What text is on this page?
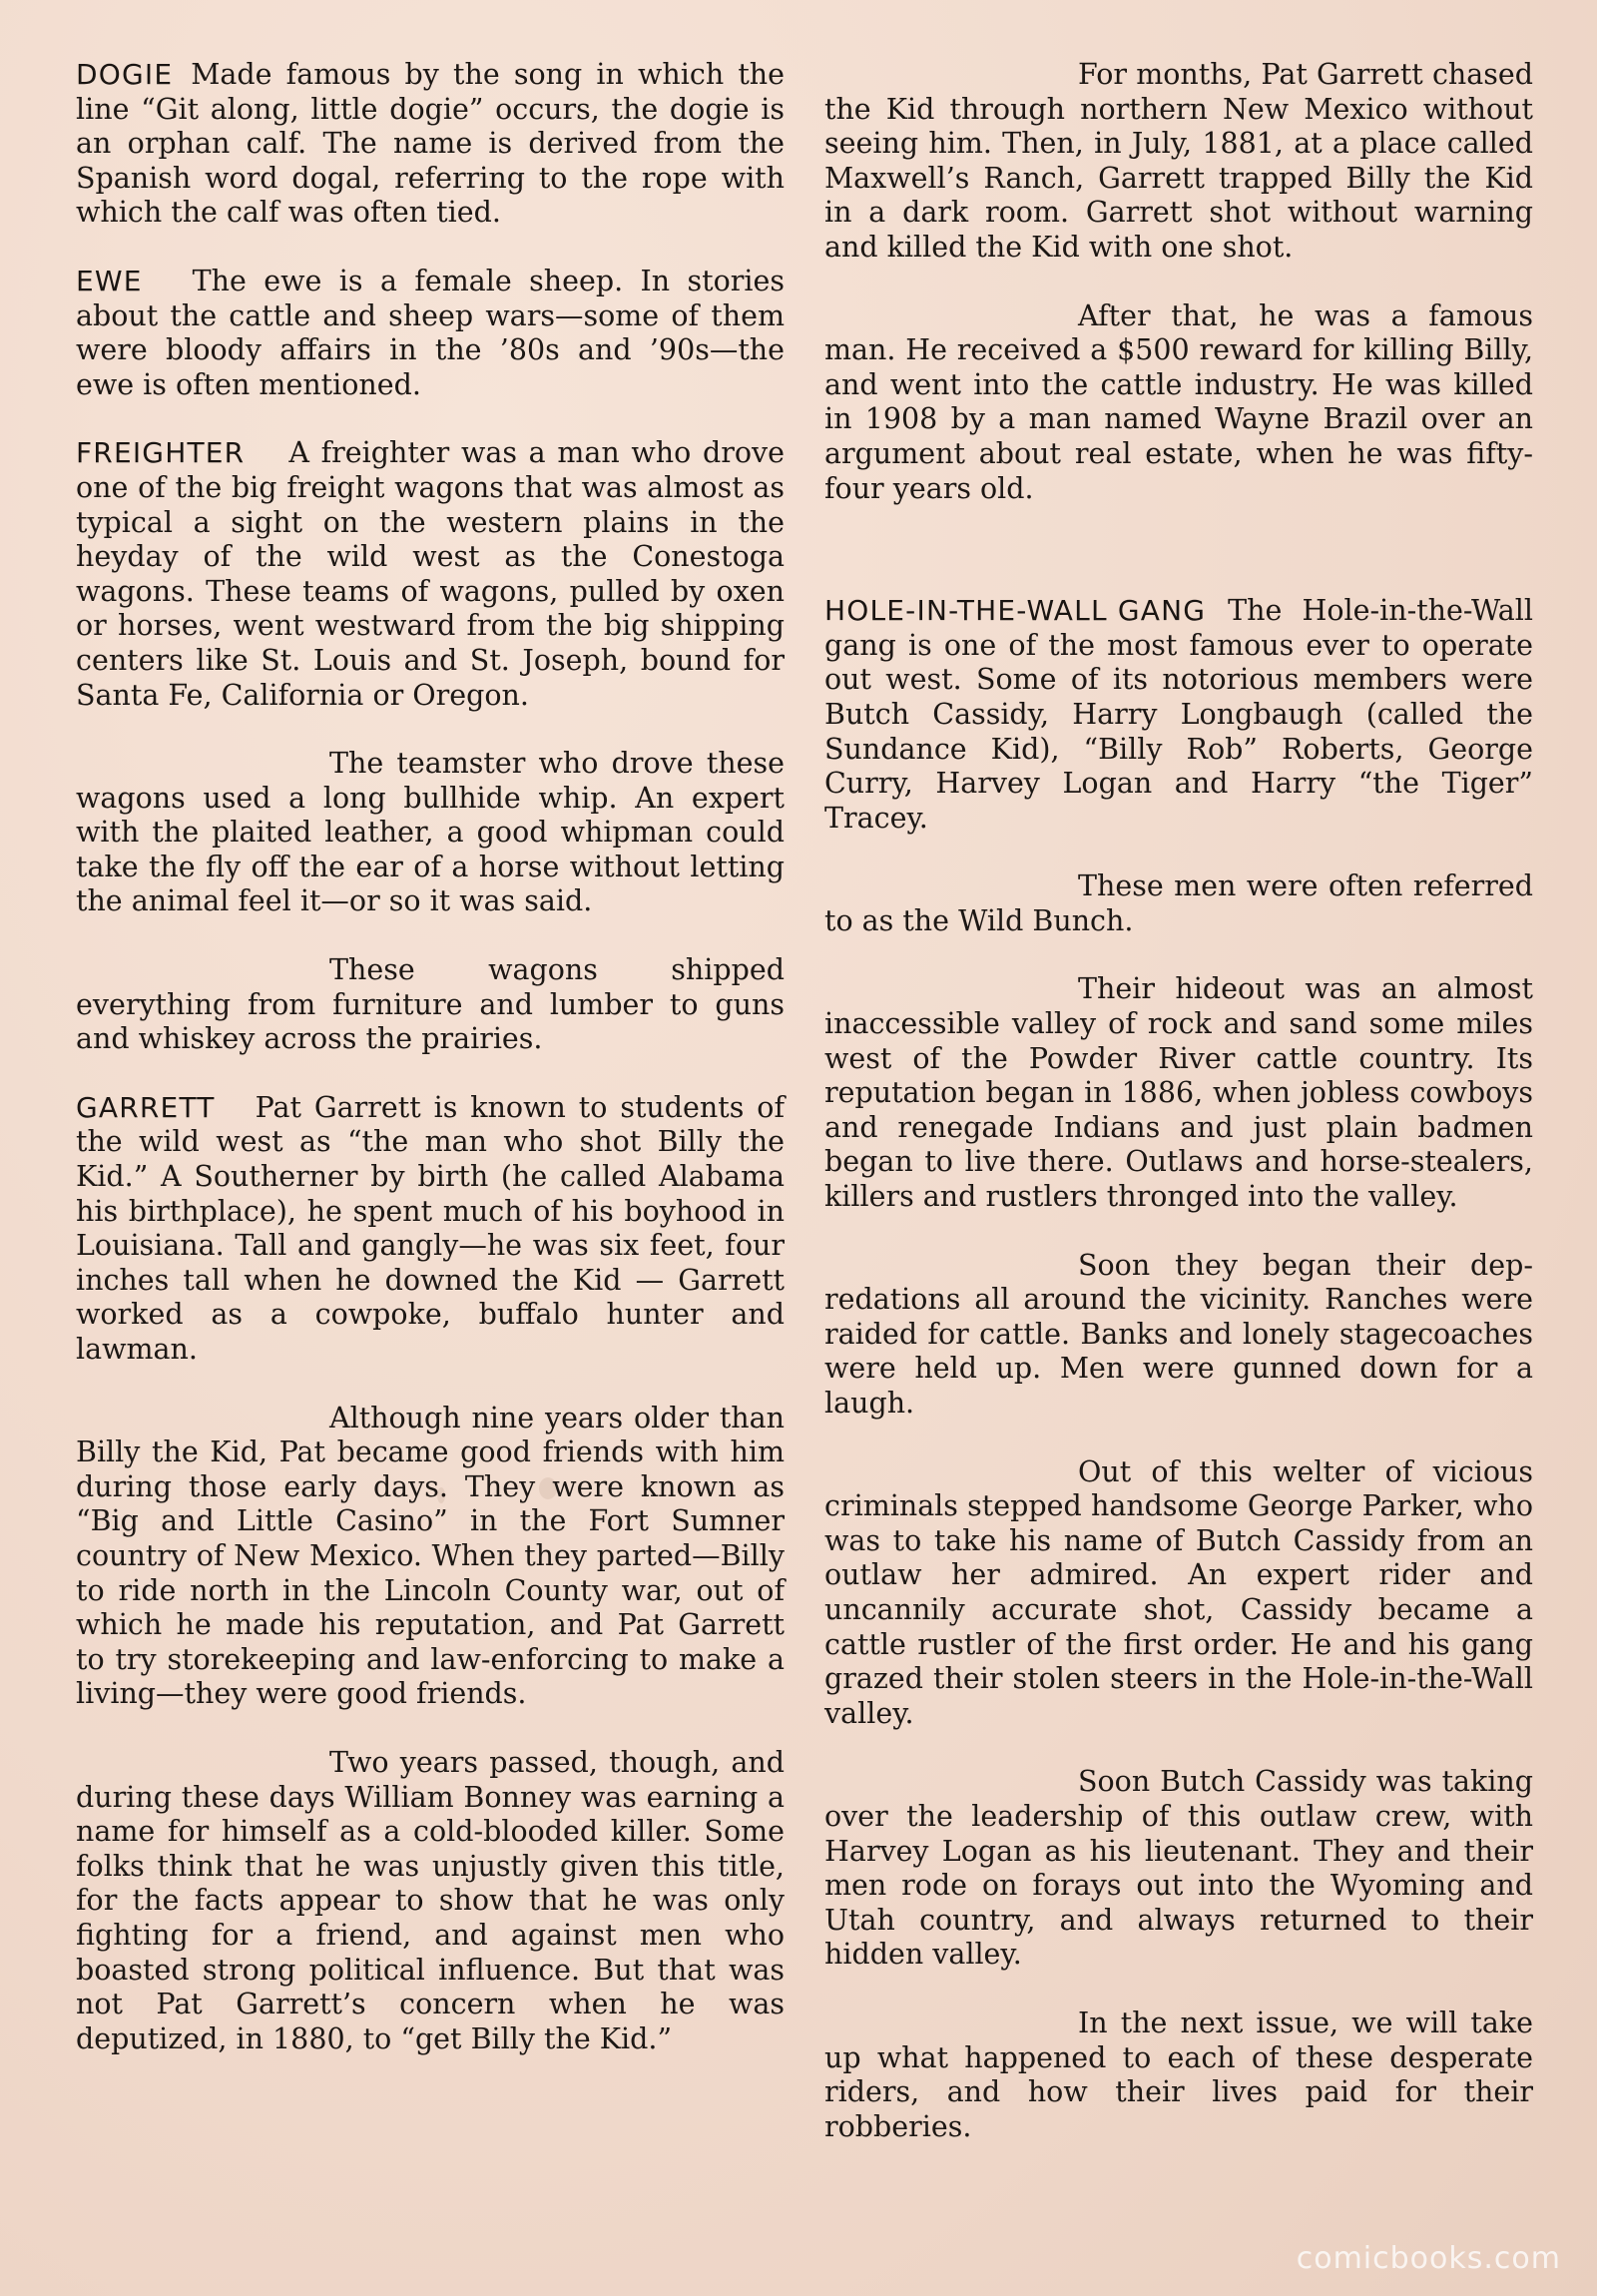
DOGIE Made famous by the song in which the line “Git along, little dogie” occurs, the dogie is an orphan calf. The name is derived from the Spanish word dogal, referring to the rope with which the calf was often tied.

EWE The ewe is a female sheep. In stories about the cattle and sheep wars—some of them were bloody affairs in the ’80s and ’90s—the ewe is often mentioned.

FREIGHTER A freighter was a man who drove one of the big freight wagons that was almost as typical a sight on the western plains in the heyday of the wild west as the Conestoga wagons. These teams of wagons, pulled by oxen or horses, went westward from the big shipping centers like St. Louis and St. Joseph, bound for Santa Fe, California or Oregon.

The teamster who drove these wagons used a long bullhide whip. An expert with the plaited leather, a good whipman could take the fly off the ear of a horse without letting the animal feel it—or so it was said.

These wagons shipped everything from furniture and lumber to guns and whiskey across the prairies.

GARRETT Pat Garrett is known to students of the wild west as “the man who shot Billy the Kid.” A Southerner by birth (he called Alabama his birthplace), he spent much of his boyhood in Louisiana. Tall and gangly—he was six feet, four inches tall when he downed the Kid — Garrett worked as a cowpoke, buffalo hunter and lawman.

Although nine years older than Billy the Kid, Pat became good friends with him during those early days. They were known as “Big and Little Casino” in the Fort Sumner country of New Mexico. When they parted—Billy to ride north in the Lincoln County war, out of which he made his reputation, and Pat Garrett to try storekeeping and law-enforcing to make a living—they were good friends.

Two years passed, though, and during these days William Bonney was earning a name for himself as a cold-blooded killer. Some folks think that he was unjustly given this title, for the facts appear to show that he was only fighting for a friend, and against men who boasted strong political influence. But that was not Pat Garrett’s concern when he was deputized, in 1880, to “get Billy the Kid.”

For months, Pat Garrett chased the Kid through northern New Mexico without seeing him. Then, in July, 1881, at a place called Maxwell’s Ranch, Garrett trapped Billy the Kid in a dark room. Garrett shot without warning and killed the Kid with one shot.

After that, he was a famous man. He received a $500 reward for killing Billy, and went into the cattle industry. He was killed in 1908 by a man named Wayne Brazil over an argument about real estate, when he was fifty-four years old.

HOLE-IN-THE-WALL GANG The Hole-in-the-Wall gang is one of the most famous ever to operate out west. Some of its notorious members were Butch Cassidy, Harry Longbaugh (called the Sundance Kid), “Billy Rob” Roberts, George Curry, Harvey Logan and Harry “the Tiger” Tracey.

These men were often referred to as the Wild Bunch.

Their hideout was an almost inaccessible valley of rock and sand some miles west of the Powder River cattle country. Its reputation began in 1886, when jobless cowboys and renegade Indians and just plain badmen began to live there. Outlaws and horse-stealers, killers and rustlers thronged into the valley.

Soon they began their depredations all around the vicinity. Ranches were raided for cattle. Banks and lonely stagecoaches were held up. Men were gunned down for a laugh.

Out of this welter of vicious criminals stepped handsome George Parker, who was to take his name of Butch Cassidy from an outlaw her admired. An expert rider and uncannily accurate shot, Cassidy became a cattle rustler of the first order. He and his gang grazed their stolen steers in the Hole-in-the-Wall valley.

Soon Butch Cassidy was taking over the leadership of this outlaw crew, with Harvey Logan as his lieutenant. They and their men rode on forays out into the Wyoming and Utah country, and always returned to their hidden valley.

In the next issue, we will take up what happened to each of these desperate riders, and how their lives paid for their robberies.

comicbooks.com
